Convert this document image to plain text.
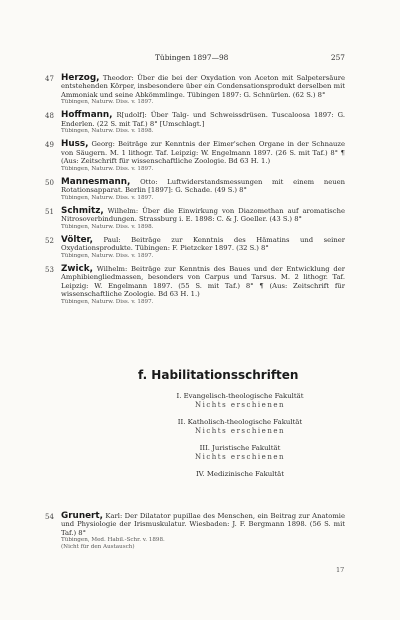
Tübingen 1897—98	257
47 Herzog, Theodor: Über die bei der Oxydation von Aceton mit Salpetersäure entstehenden Körper, insbesondere über ein Condensationsprodukt derselben mit Ammoniak und seine Abkömmlinge. Tübingen 1897: G. Schnürlen. (62 S.) 8°
Tübingen, Naturw. Diss. v. 1897.
48 Hoffmann, R[udolf]: Über Talg- und Schweissdrüsen. Tuscaloosa 1897: G. Enderlen. (22 S. mit Taf.) 8° [Umschlagt.]
Tübingen, Naturw. Diss. v. 1898.
49 Huss, Georg: Beiträge zur Kenntnis der Eimer'schen Organe in der Schnauze von Säugern. M. 1 lithogr. Taf. Leipzig: W. Engelmann 1897. (26 S. mit Taf.) 8° ¶ (Aus: Zeitschrift für wissenschaftliche Zoologie. Bd 63 H. 1.)
Tübingen, Naturw. Diss. v. 1897.
50 Mannesmann, Otto: Luftwiderstandsmessungen mit einem neuen Rotationsapparat. Berlin [1897]: G. Schade. (49 S.) 8°
Tübingen, Naturw. Diss. v. 1897.
51 Schmitz, Wilhelm: Über die Einwirkung von Diazomethan auf aromatische Nitrosoverbindungen. Strassburg i. E. 1898: C. & J. Goeller. (43 S.) 8°
Tübingen, Naturw. Diss. v. 1898.
52 Völter, Paul: Beiträge zur Kenntnis des Hämatins und seiner Oxydationsprodukte. Tübingen: F. Pietzcker 1897. (32 S.) 8°
Tübingen, Naturw. Diss. v. 1897.
53 Zwick, Wilhelm: Beiträge zur Kenntnis des Baues und der Entwicklung der Amphibiengliedmassen, besonders von Carpus und Tarsus. M. 2 lithogr. Taf. Leipzig: W. Engelmann 1897. (55 S. mit Taf.) 8° ¶ (Aus: Zeitschrift für wissenschaftliche Zoologie. Bd 63 H. 1.)
Tübingen, Naturw. Diss. v. 1897.
f. Habilitationsschriften
I. Evangelisch-theologische Fakultät
Nichts erschienen
II. Katholisch-theologische Fakultät
Nichts erschienen
III. Juristische Fakultät
Nichts erschienen
IV. Medizinische Fakultät
54 Grunert, Karl: Der Dilatator pupillae des Menschen, ein Beitrag zur Anatomie und Physiologie der Irismuskulatur. Wiesbaden: J. F. Bergmann 1898. (56 S. mit Taf.) 8°
Tübingen, Med. Habil.-Schr. v. 1898.
(Nicht für den Austausch)
17
